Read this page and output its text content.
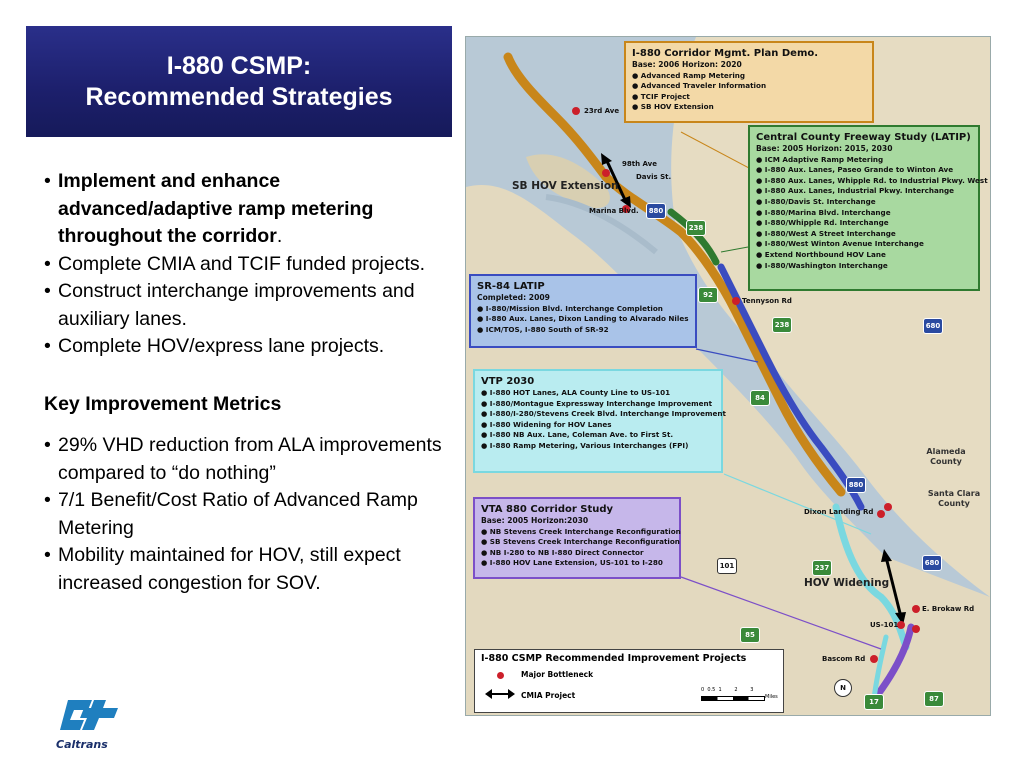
I-880 CSMP:
Recommended Strategies
• Implement and enhance advanced/adaptive ramp metering throughout the corridor.
• Complete CMIA and TCIF funded projects.
• Construct interchange improvements and auxiliary lanes.
• Complete HOV/express lane projects.
Key Improvement Metrics
• 29% VHD reduction from ALA improvements compared to “do nothing”
• 7/1 Benefit/Cost Ratio of Advanced Ramp Metering
• Mobility maintained for HOV, still expect increased congestion for SOV.
Caltrans
I-880 Corridor Mgmt. Plan Demo.
Base: 2006 Horizon: 2020
● Advanced Ramp Metering
● Advanced Traveler Information
● TCIF Project
● SB HOV Extension
Central County Freeway Study (LATIP)
Base: 2005 Horizon: 2015, 2030
● ICM Adaptive Ramp Metering
● I-880 Aux. Lanes, Paseo Grande to Winton Ave
● I-880 Aux. Lanes, Whipple Rd. to Industrial Pkwy. West
● I-880 Aux. Lanes, Industrial Pkwy. Interchange
● I-880/Davis St. Interchange
● I-880/Marina Blvd. Interchange
● I-880/Whipple Rd. Interchange
● I-880/West A Street Interchange
● I-880/West Winton Avenue Interchange
● Extend Northbound HOV Lane
● I-880/Washington Interchange
SR-84 LATIP
Completed: 2009
● I-880/Mission Blvd. Interchange Completion
● I-880 Aux. Lanes, Dixon Landing to Alvarado Niles
● ICM/TOS, I-880 South of SR-92
VTP 2030
● I-880 HOT Lanes, ALA County Line to US-101
● I-880/Montague Expressway Interchange Improvement
● I-880/I-280/Stevens Creek Blvd. Interchange Improvement
● I-880 Widening for HOV Lanes
● I-880 NB Aux. Lane, Coleman Ave. to First St.
● I-880 Ramp Metering, Various Interchanges (FPI)
VTA 880 Corridor Study
Base: 2005 Horizon:2030
● NB Stevens Creek Interchange Reconfiguration
● SB Stevens Creek Interchange Reconfiguration
● NB I-280 to NB I-880 Direct Connector
● I-880 HOV Lane Extension, US-101 to I-280
23rd Ave
98th Ave
Davis St.
Marina Blvd.
SB HOV Extension
Tennyson Rd
Dixon Landing Rd
HOV Widening
E. Brokaw Rd
US-101
Bascom Rd
Alameda County
Santa Clara County
880
238
92
680
238
84
880
680
237
101
85
17	87
N
I-880 CSMP Recommended Improvement Projects
Major Bottleneck
CMIA Project
0  0.5  1        2        3
Miles
